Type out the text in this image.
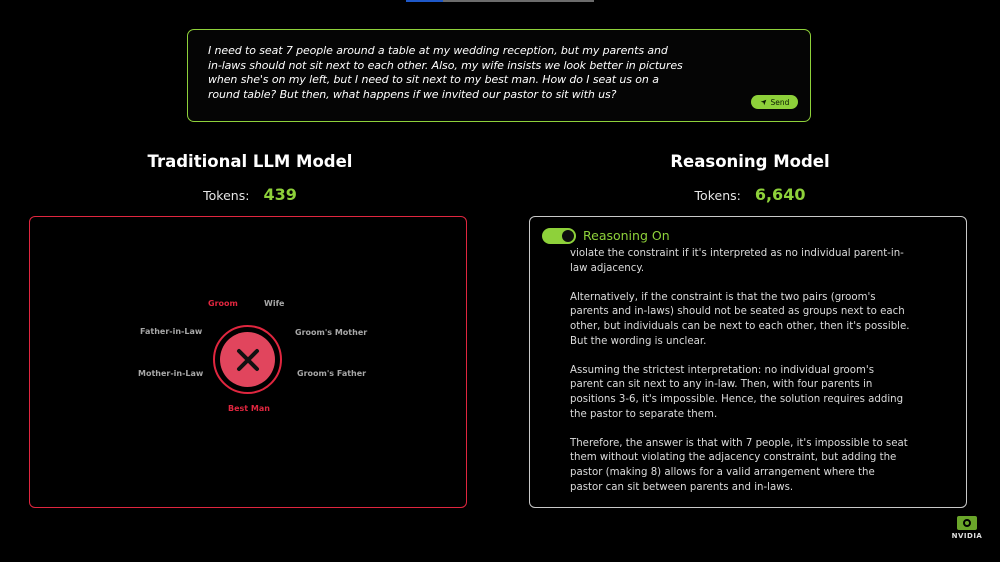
I need to seat 7 people around a table at my wedding reception, but my parents and in-laws should not sit next to each other. Also, my wife insists we look better in pictures when she's on my left, but I need to sit next to my best man. How do I seat us on a round table? But then, what happens if we invited our pastor to sit with us?
Send
Traditional LLM Model
Tokens: 439
Groom	Wife
Father-in-Law	Groom's Mother
Mother-in-Law	Groom's Father
Best Man
Reasoning Model
Tokens: 6,640
Reasoning On

violate the constraint if it's interpreted as no individual parent-in-law adjacency.

Alternatively, if the constraint is that the two pairs (groom's parents and in-laws) should not be seated as groups next to each other, but individuals can be next to each other, then it's possible. But the wording is unclear.

Assuming the strictest interpretation: no individual groom's parent can sit next to any in-law. Then, with four parents in positions 3-6, it's impossible. Hence, the solution requires adding the pastor to separate them.

Therefore, the answer is that with 7 people, it's impossible to seat them without violating the adjacency constraint, but adding the pastor (making 8) allows for a valid arrangement where the pastor can sit between parents and in-laws.

NVIDIA
